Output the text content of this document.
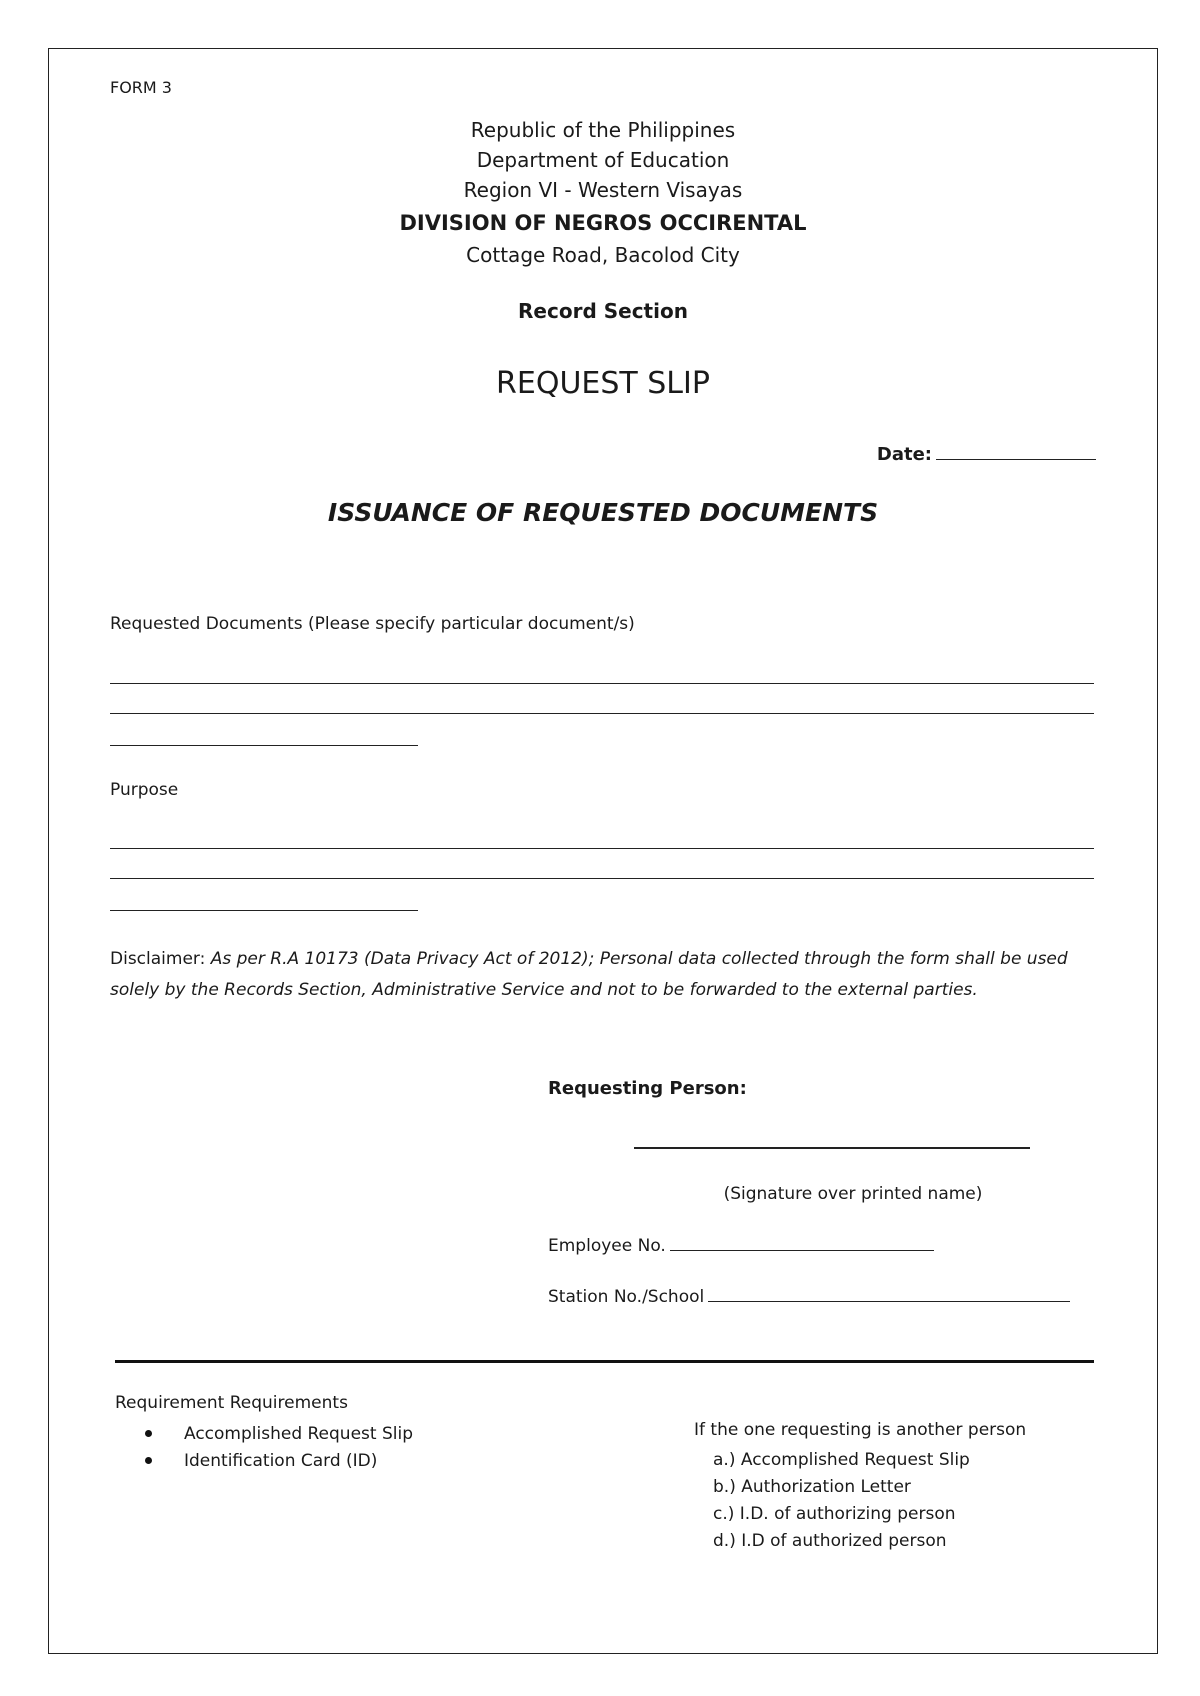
FORM 3
Republic of the Philippines
Department of Education
Region VI - Western Visayas
DIVISION OF NEGROS OCCIRENTAL
Cottage Road, Bacolod City
Record Section
REQUEST SLIP
Date:
ISSUANCE OF REQUESTED DOCUMENTS
Requested Documents (Please specify particular document/s)
Purpose
Disclaimer: As per R.A 10173 (Data Privacy Act of 2012); Personal data collected through the form shall be used solely by the Records Section, Administrative Service and not to be forwarded to the external parties.
Requesting Person:
(Signature over printed name)
Employee No.
Station No./School
Requirement Requirements
Accomplished Request Slip
Identification Card (ID)
If the one requesting is another person
a.) Accomplished Request Slip
b.) Authorization Letter
c.) I.D. of authorizing person
d.) I.D of authorized person
